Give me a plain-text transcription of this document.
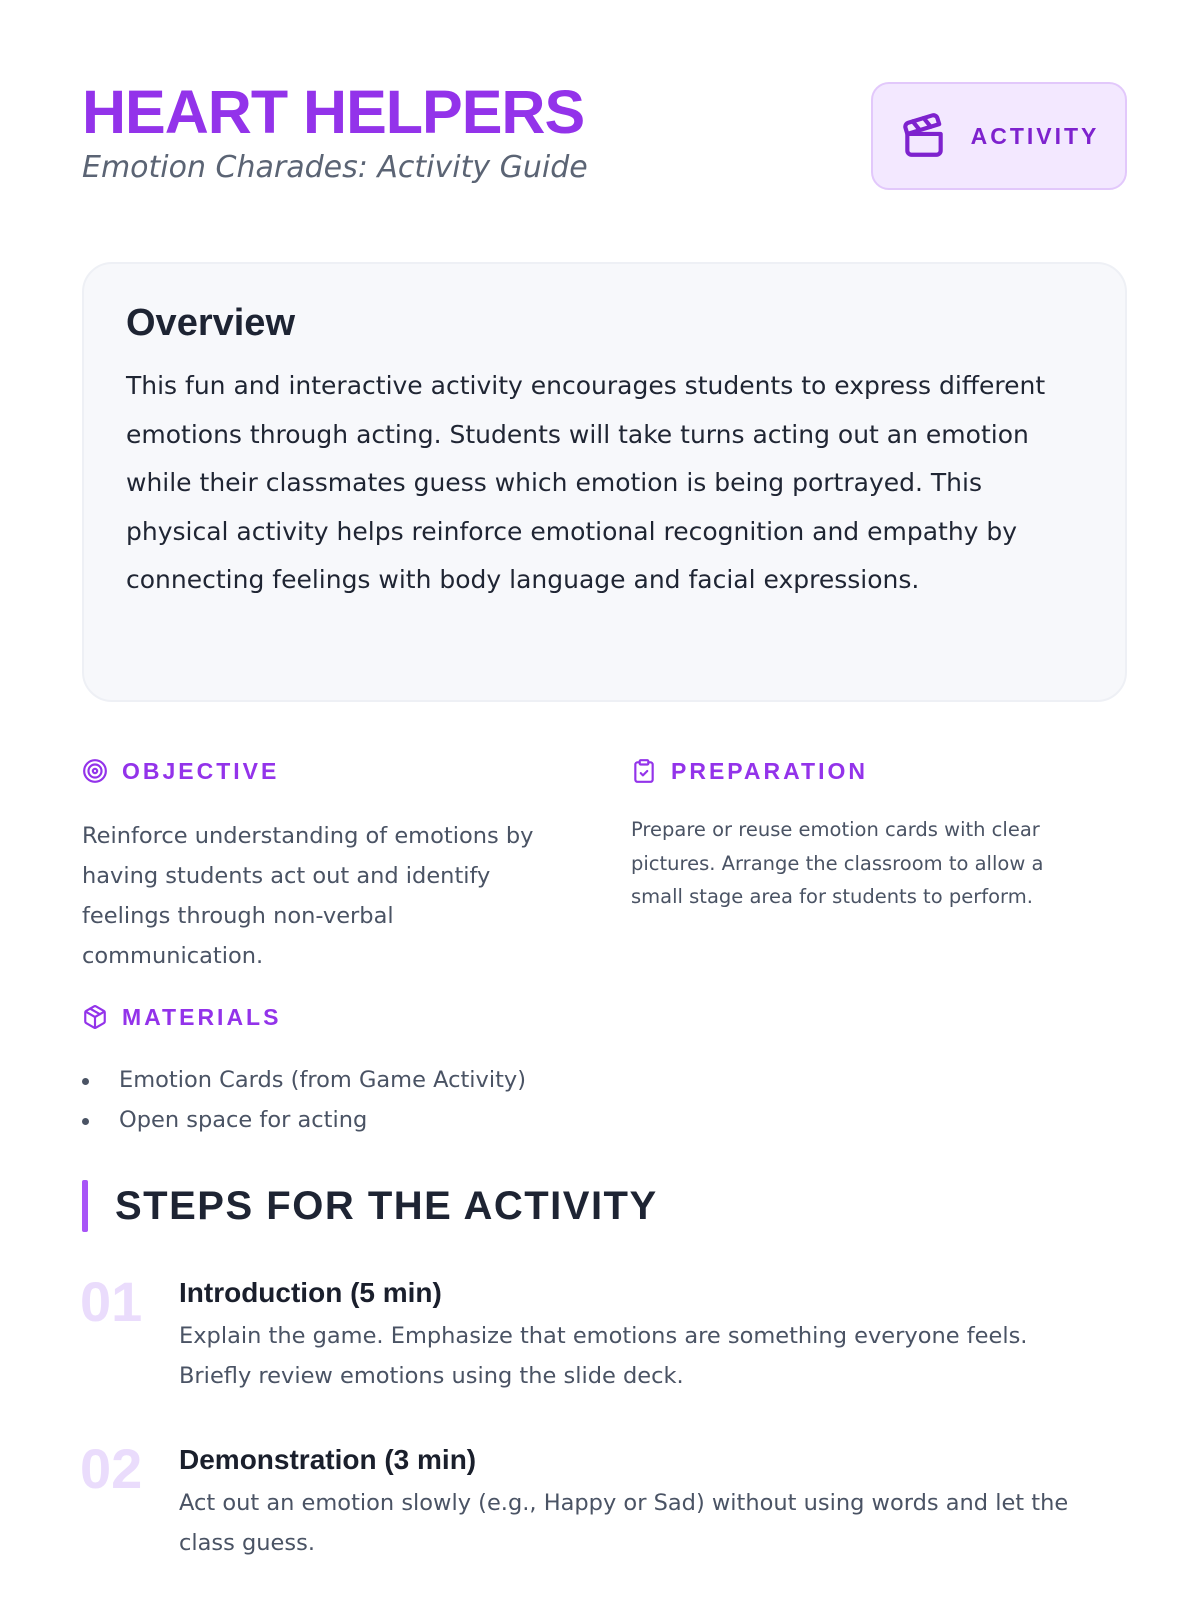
HEART HELPERS
Emotion Charades: Activity Guide
ACTIVITY
Overview

This fun and interactive activity encourages students to express different emotions through acting. Students will take turns acting out an emotion while their classmates guess which emotion is being portrayed. This physical activity helps reinforce emotional recognition and empathy by connecting feelings with body language and facial expressions.

OBJECTIVE

Reinforce understanding of emotions by having students act out and identify feelings through non-verbal communication.

PREPARATION

Prepare or reuse emotion cards with clear pictures. Arrange the classroom to allow a small stage area for students to perform.

MATERIALS
Emotion Cards (from Game Activity)
Open space for acting
STEPS FOR THE ACTIVITY
01 Introduction (5 min)

Explain the game. Emphasize that emotions are something everyone feels. Briefly review emotions using the slide deck.

02 Demonstration (3 min)

Act out an emotion slowly (e.g., Happy or Sad) without using words and let the class guess.
